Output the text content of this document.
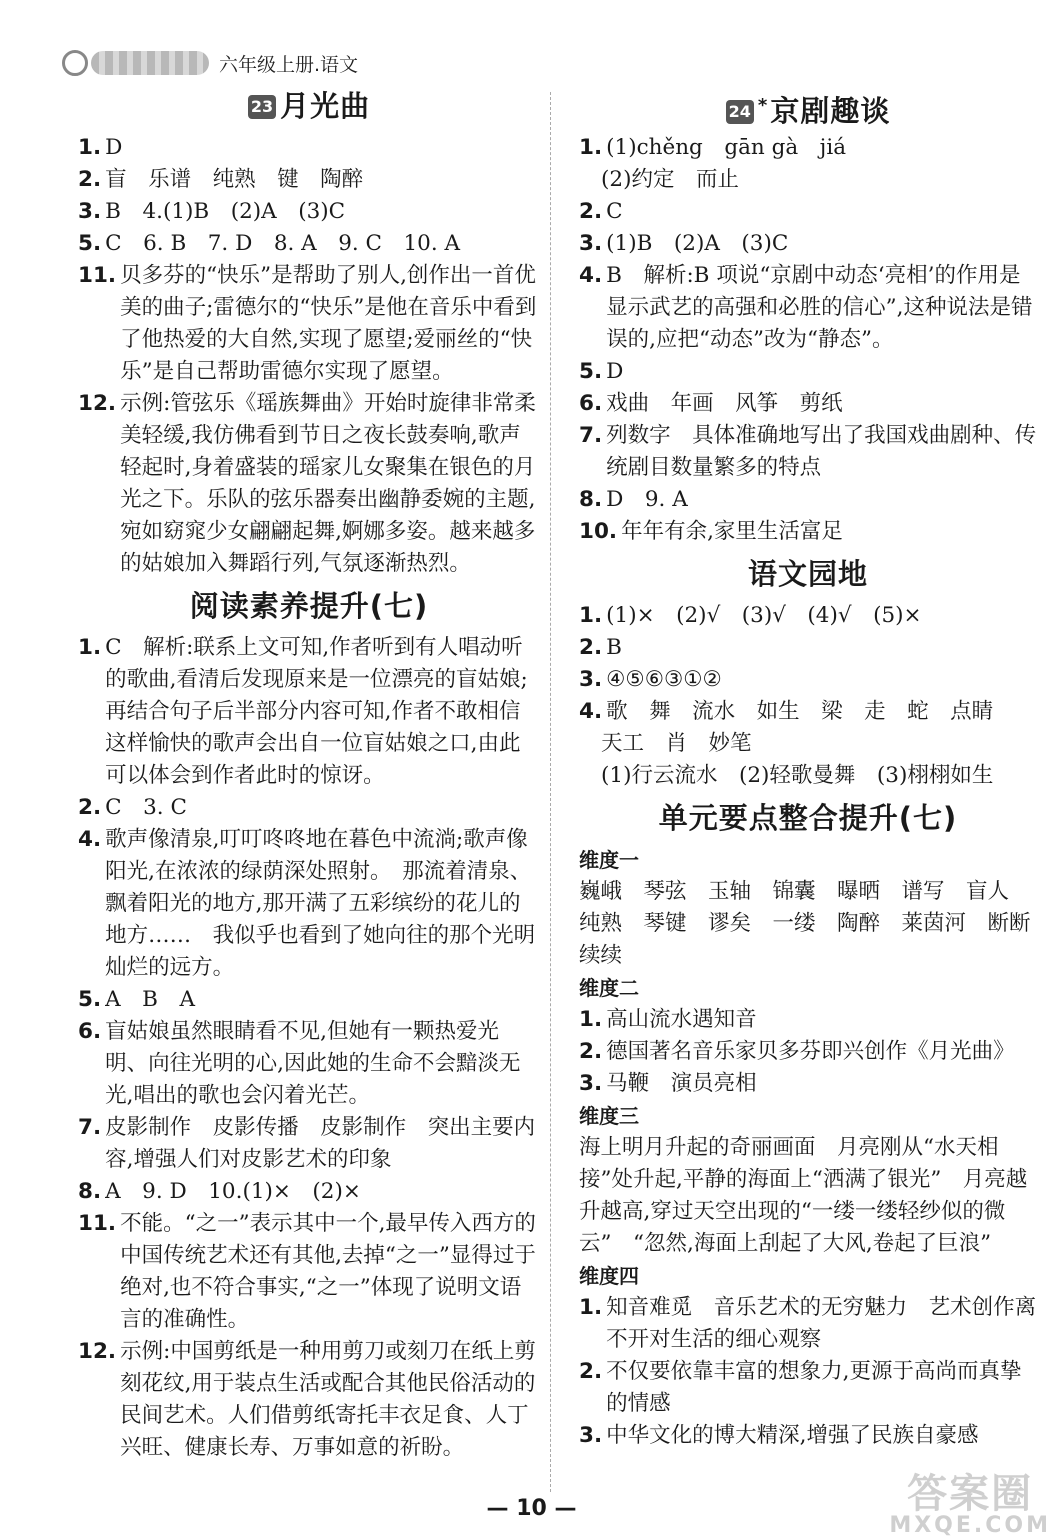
六年级上册.语文
23 月光曲
1. D
2. 盲　乐谱　纯熟　键　陶醉
3. B　4.(1)B　(2)A　(3)C
5. C　6. B　7. D　8. A　9. C　10. A
11. 贝多芬的“快乐”是帮助了别人,创作出一首优美的曲子;雷德尔的“快乐”是他在音乐中看到了他热爱的大自然,实现了愿望;爱丽丝的“快乐”是自己帮助雷德尔实现了愿望。
12. 示例:管弦乐《瑶族舞曲》开始时旋律非常柔美轻缓,我仿佛看到节日之夜长鼓奏响,歌声轻起时,身着盛装的瑶家儿女聚集在银色的月光之下。乐队的弦乐器奏出幽静委婉的主题,宛如窈窕少女翩翩起舞,婀娜多姿。越来越多的姑娘加入舞蹈行列,气氛逐渐热烈。
阅读素养提升(七)
1. C　解析:联系上文可知,作者听到有人唱动听的歌曲,看清后发现原来是一位漂亮的盲姑娘;再结合句子后半部分内容可知,作者不敢相信这样愉快的歌声会出自一位盲姑娘之口,由此可以体会到作者此时的惊讶。
2. C　3. C
4. 歌声像清泉,叮叮咚咚地在暮色中流淌;歌声像阳光,在浓浓的绿荫深处照射。　那流着清泉、飘着阳光的地方,那开满了五彩缤纷的花儿的地方……　我似乎也看到了她向往的那个光明灿烂的远方。
5. A　B　A
6. 盲姑娘虽然眼睛看不见,但她有一颗热爱光明、向往光明的心,因此她的生命不会黯淡无光,唱出的歌也会闪着光芒。
7. 皮影制作　皮影传播　皮影制作　突出主要内容,增强人们对皮影艺术的印象
8. A　9. D　10.(1)×　(2)×
11. 不能。“之一”表示其中一个,最早传入西方的中国传统艺术还有其他,去掉“之一”显得过于绝对,也不符合事实,“之一”体现了说明文语言的准确性。
12. 示例:中国剪纸是一种用剪刀或刻刀在纸上剪刻花纹,用于装点生活或配合其他民俗活动的民间艺术。人们借剪纸寄托丰衣足食、人丁兴旺、健康长寿、万事如意的祈盼。
24 *京剧趣谈
1. (1)chěng　gān gà　jiá
(2)约定　而止
2. C
3. (1)B　(2)A　(3)C
4. B　解析:B 项说“京剧中动态‘亮相’的作用是显示武艺的高强和必胜的信心”,这种说法是错误的,应把“动态”改为“静态”。
5. D
6. 戏曲　年画　风筝　剪纸
7. 列数字　具体准确地写出了我国戏曲剧种、传统剧目数量繁多的特点
8. D　9. A
10. 年年有余,家里生活富足
语文园地
1. (1)×　(2)√　(3)√　(4)√　(5)×
2. B
3. ④⑤⑥③①②
4. 歌　舞　流水　如生　梁　走　蛇　点睛
天工　肖　妙笔
(1)行云流水　(2)轻歌曼舞　(3)栩栩如生
单元要点整合提升(七)
维度一
巍峨　琴弦　玉轴　锦囊　曝晒　谱写　盲人　纯熟　琴键　谬矣　一缕　陶醉　莱茵河　断断续续
维度二
1. 高山流水遇知音
2. 德国著名音乐家贝多芬即兴创作《月光曲》
3. 马鞭　演员亮相
维度三
海上明月升起的奇丽画面　月亮刚从“水天相接”处升起,平静的海面上“洒满了银光”　月亮越升越高,穿过天空出现的“一缕一缕轻纱似的微云”　“忽然,海面上刮起了大风,卷起了巨浪”
维度四
1. 知音难觅　音乐艺术的无穷魅力　艺术创作离不开对生活的细心观察
2. 不仅要依靠丰富的想象力,更源于高尚而真挚的情感
3. 中华文化的博大精深,增强了民族自豪感
— 10 —	答案圈
MXQE.COM
